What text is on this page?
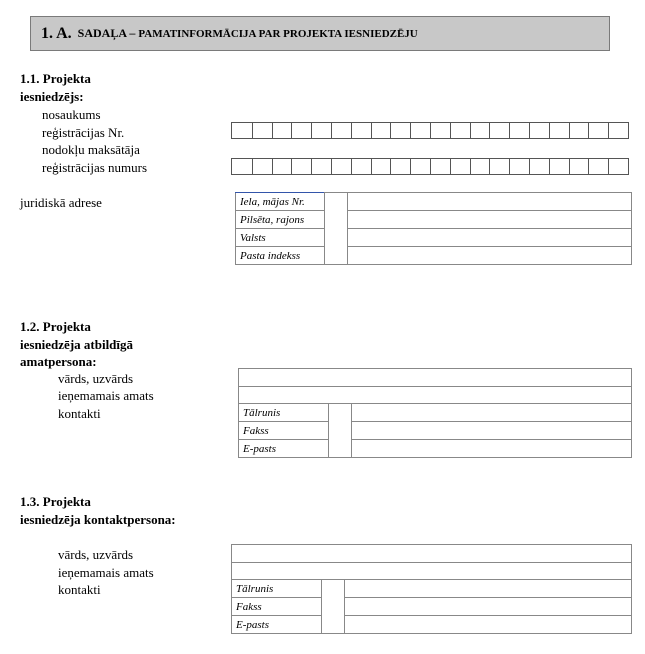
1. A. SADAĻA – PAMATINFORMĀCIJA PAR PROJEKTA IESNIEDZĒJU
1.1. Projekta
iesniedzējs:
nosaukums
reģistrācijas Nr.
nodokļu maksātāja
reģistrācijas numurs
juridiskā adrese	Iela, mājas Nr.		
Pilsēta, rajons		
Valsts		
Pasta indekss		
1.2. Projekta
iesniedzēja atbildīgā
amatpersona:
vārds, uzvārds
ieņemamais amats
kontakti	Tālrunis		
Fakss		
E-pasts		
1.3. Projekta
iesniedzēja kontaktpersona:
vārds, uzvārds
ieņemamais amats
kontakti	Tālrunis		
Fakss		
E-pasts		
